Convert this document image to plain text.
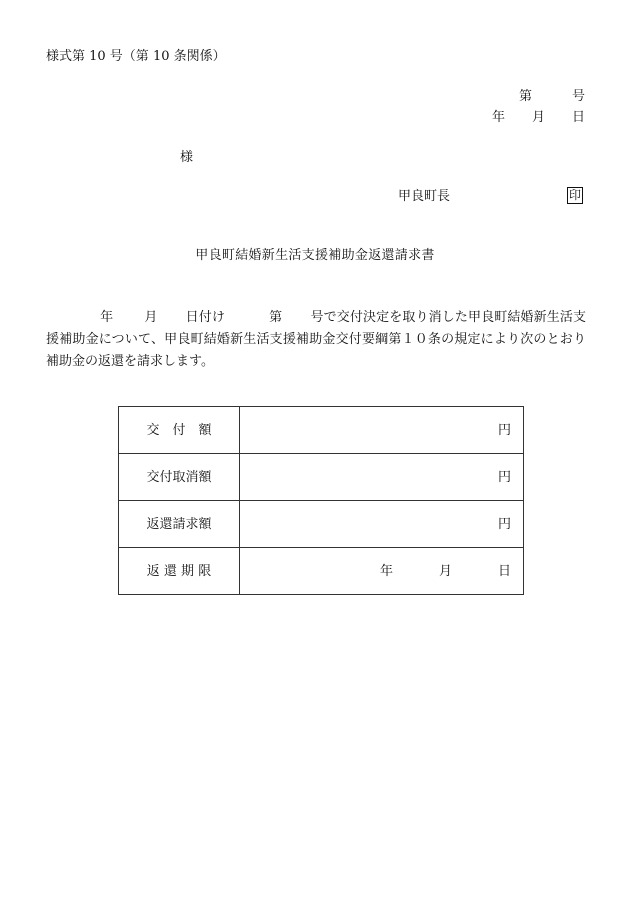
様式第 10 号（第 10 条関係）
第	号
年 月 日
様
甲良町長	印
甲良町結婚新生活支援補助金返還請求書
年 月 日付け	第 号で交付決定を取り消した甲良町結婚新生活支援補助金について、甲良町結婚新生活支援補助金交付要綱第１０条の規定により次のとおり補助金の返還を請求します。
交　付　額	円
交付取消額	円
返還請求額	円
返 還 期 限	年 月 日
